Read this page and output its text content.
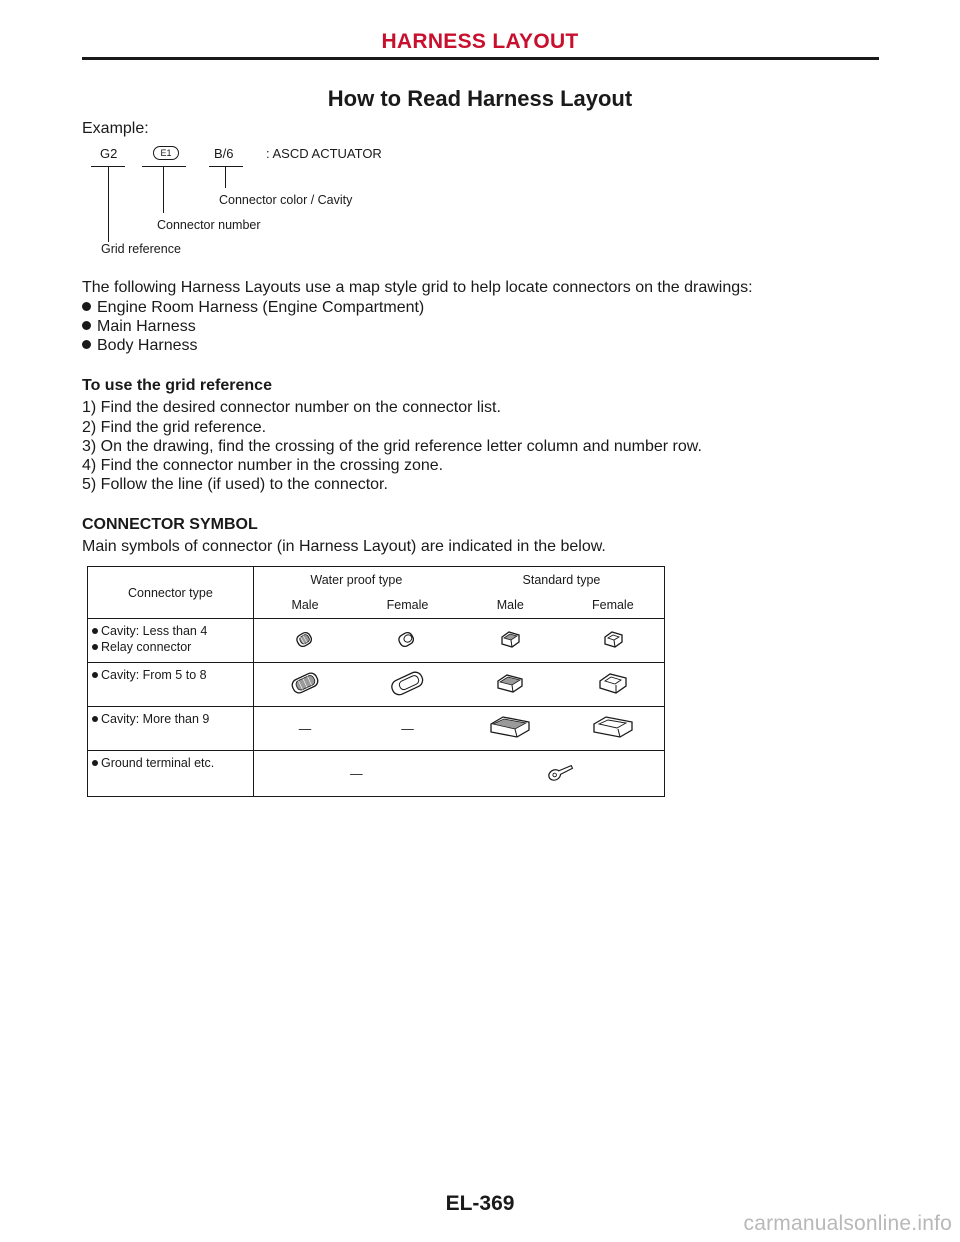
HARNESS LAYOUT
How to Read Harness Layout
Example:
G2	E1	B/6 : ASCD ACTUATOR
Connector color / Cavity
Connector number
Grid reference
The following Harness Layouts use a map style grid to help locate connectors on the drawings:
Engine Room Harness (Engine Compartment)
Main Harness
Body Harness
To use the grid reference
1) Find the desired connector number on the connector list.
2) Find the grid reference.
3) On the drawing, find the crossing of the grid reference letter column and number row.
4) Find the connector number in the crossing zone.
5) Follow the line (if used) to the connector.
CONNECTOR SYMBOL
Main symbols of connector (in Harness Layout) are indicated in the below.
Connector type	Water proof type		Standard type	
	Male	Female	Male	Female

Cavity: Less than 4
Relay connector

Cavity: From 5 to 8

Cavity: More than 9	—	—		

Ground terminal etc.	—	
EL-369
carmanualsonline.info
